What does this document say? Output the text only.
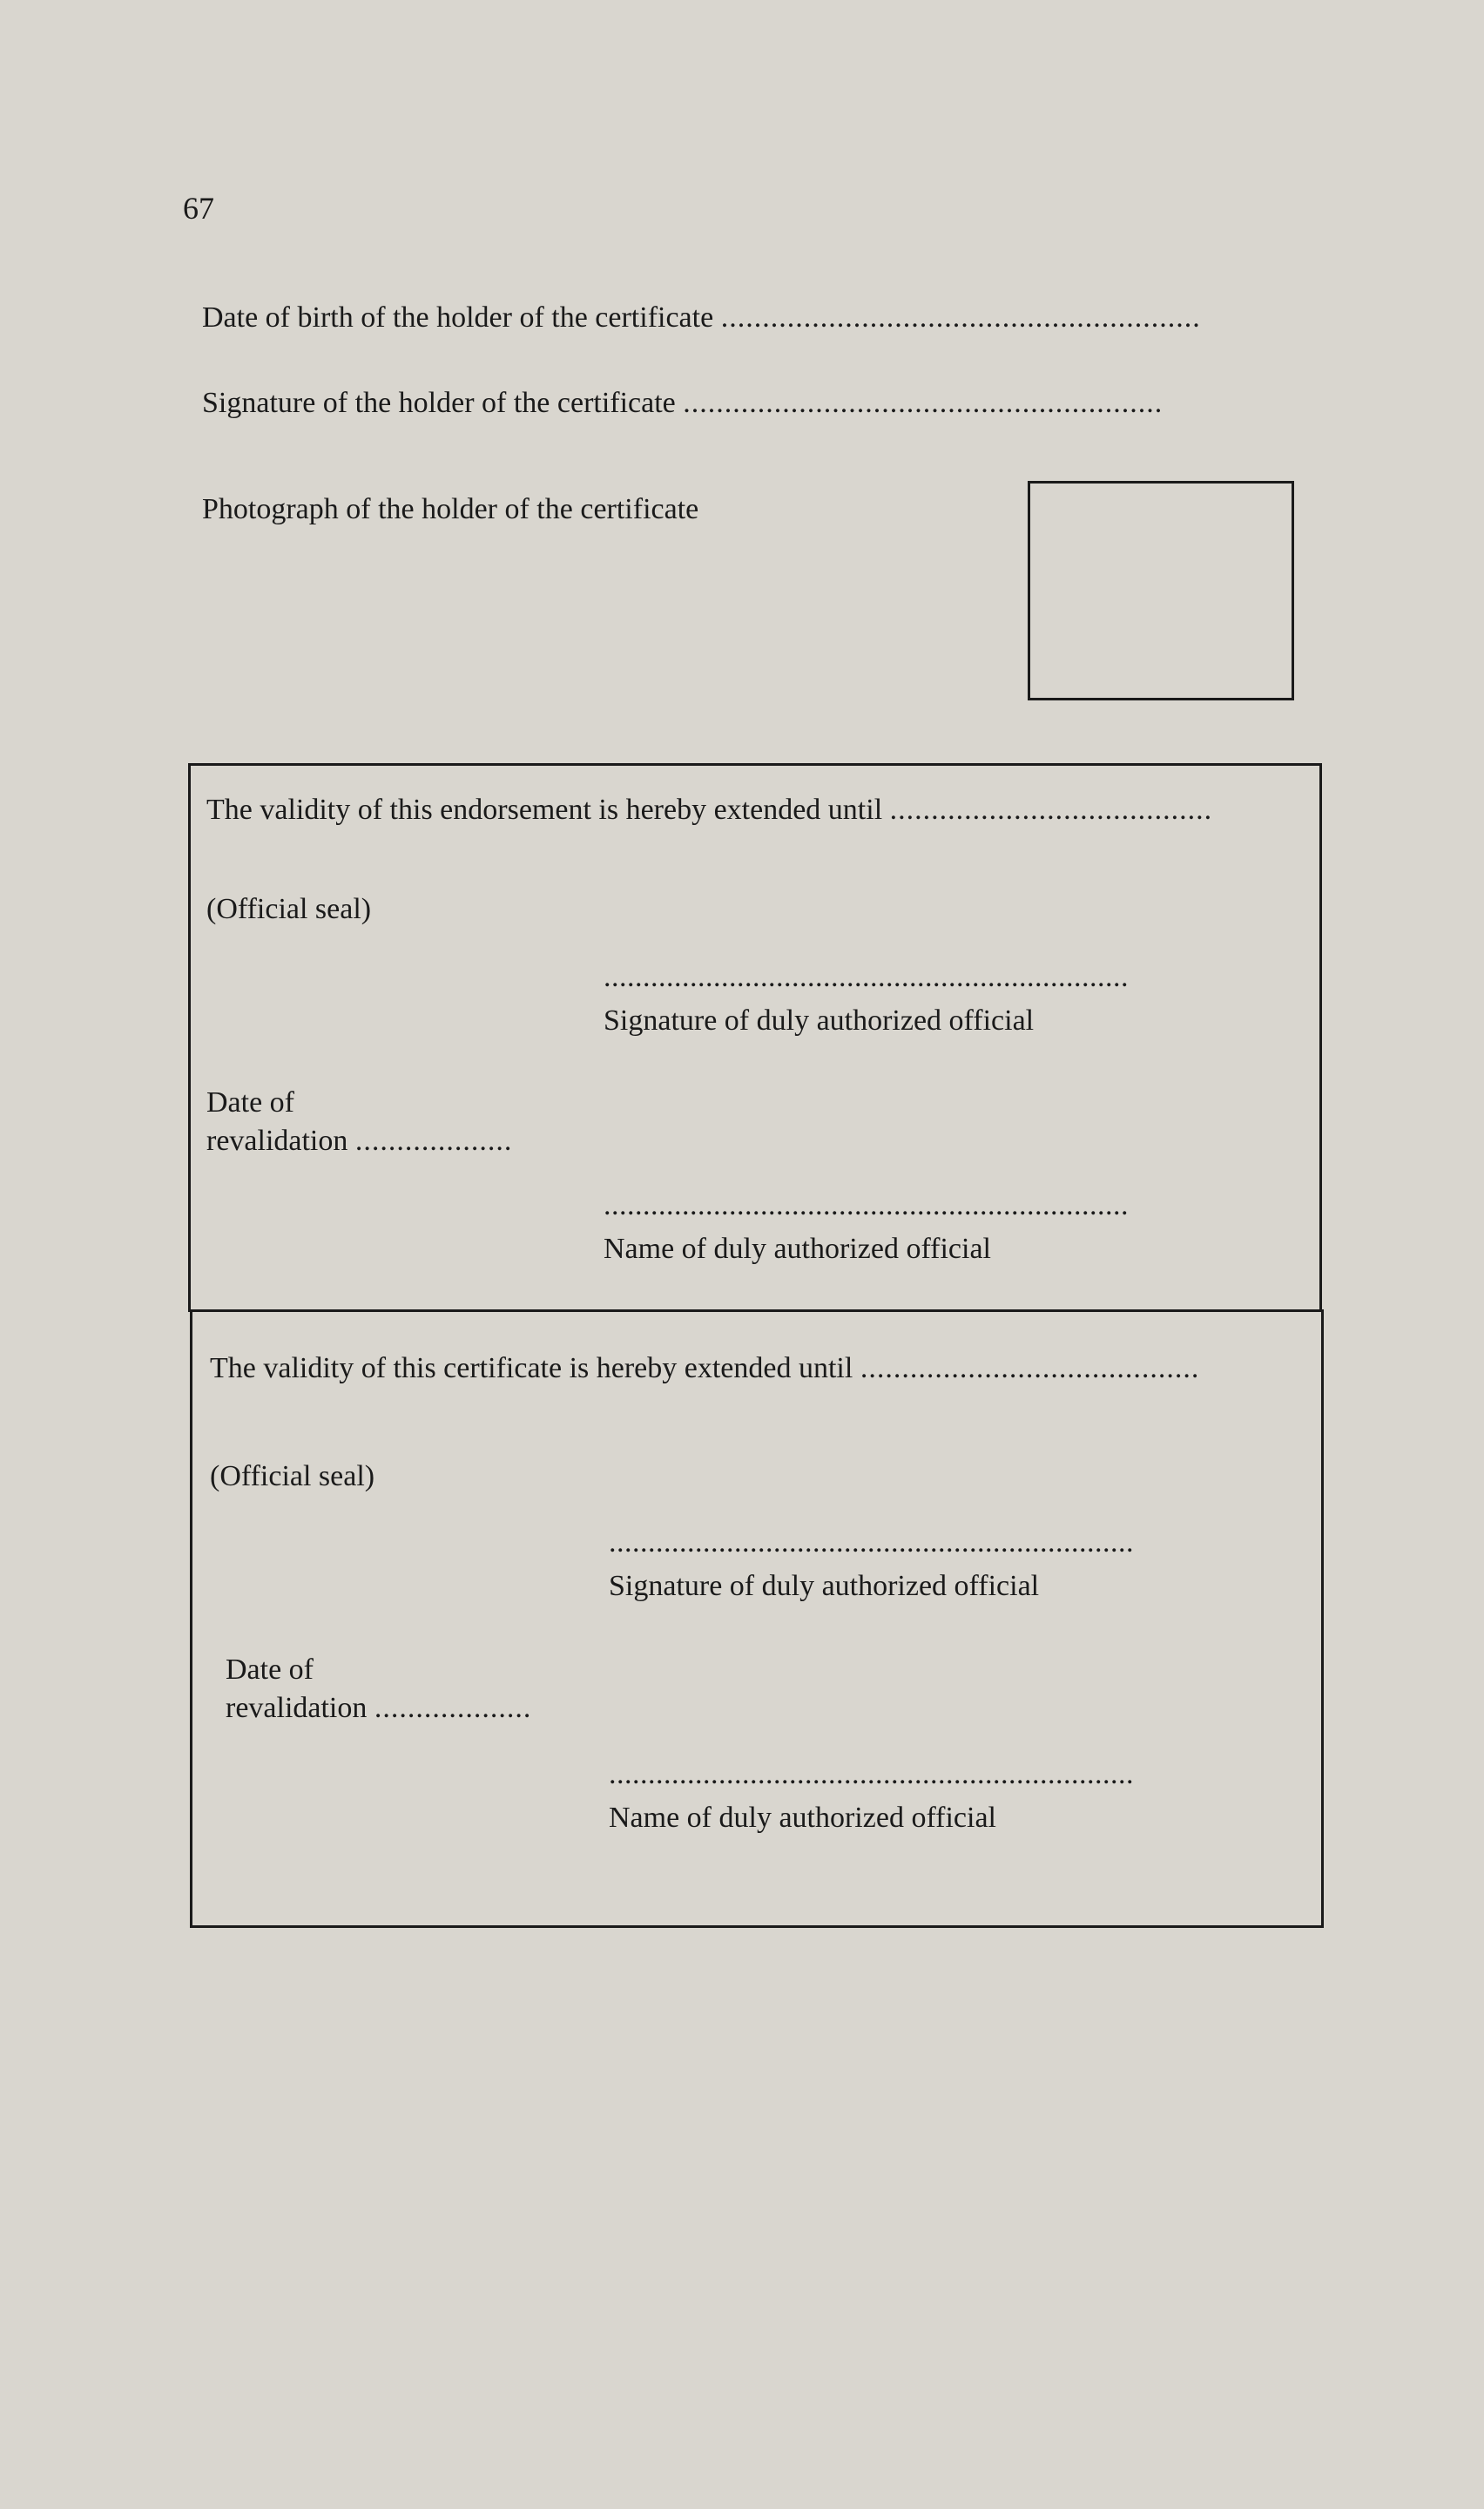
67
Date of birth of the holder of the certificate ..........................................................
Signature of the holder of the certificate ..........................................................
Photograph of the holder of the certificate
The validity of this endorsement is hereby extended until .......................................
(Official seal)
...................................................................
Signature of duly authorized official
Date of
revalidation ...................
...................................................................
Name of duly authorized official
The validity of this certificate is hereby extended until .........................................
(Official seal)
...................................................................
Signature of duly authorized official
Date of
revalidation ...................
...................................................................
Name of duly authorized official
